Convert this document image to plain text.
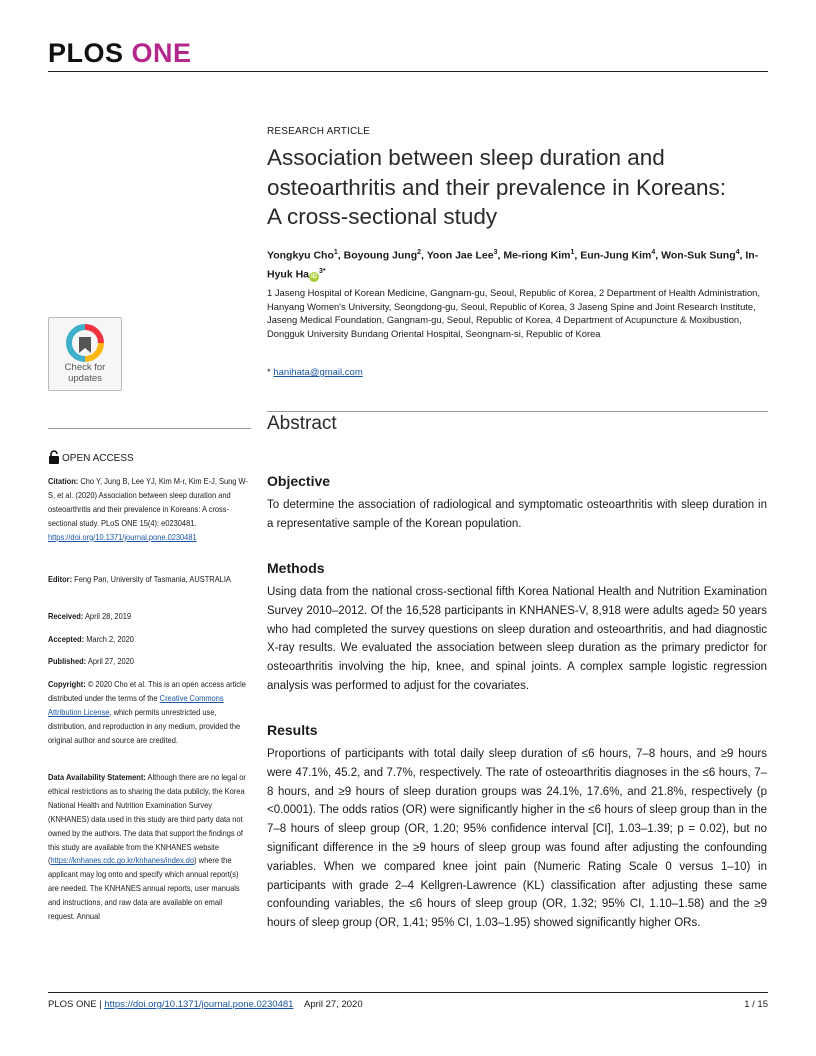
PLOS ONE
RESEARCH ARTICLE
Association between sleep duration and osteoarthritis and their prevalence in Koreans: A cross-sectional study
Yongkyu Cho$^1$, Boyoung Jung$^2$, Yoon Jae Lee$^3$, Me-riong Kim$^1$, Eun-Jung Kim$^4$, Won-Suk Sung$^4$, In-Hyuk Ha $iD^{3*}$
1 Jaseng Hospital of Korean Medicine, Gangnam-gu, Seoul, Republic of Korea, 2 Department of Health Administration, Hanyang Women's University, Seongdong-gu, Seoul, Republic of Korea, 3 Jaseng Spine and Joint Research Institute, Jaseng Medical Foundation, Gangnam-gu, Seoul, Republic of Korea, 4 Department of Acupuncture & Moxibustion, Dongguk University Bundang Oriental Hospital, Seongnam-si, Republic of Korea
* hanihata@gmail.com
Check for
updates
OPEN ACCESS
Citation: Cho Y, Jung B, Lee YJ, Kim M-r, Kim E-J, Sung W-S, et al. (2020) Association between sleep duration and osteoarthritis and their prevalence in Koreans: A cross-sectional study. PLoS ONE 15(4): e0230481. https://doi.org/10.1371/journal.pone.0230481
Editor: Feng Pan, University of Tasmania, AUSTRALIA
Received: April 28, 2019
Accepted: March 2, 2020
Published: April 27, 2020
Copyright: © 2020 Cho et al. This is an open access article distributed under the terms of the Creative Commons Attribution License, which permits unrestricted use, distribution, and reproduction in any medium, provided the original author and source are credited.
Data Availability Statement: Although there are no legal or ethical restrictions as to sharing the data publicly, the Korea National Health and Nutrition Examination Survey (KNHANES) data used in this study are third party data not owned by the authors. The data that support the findings of this study are available from the KNHANES website (https://knhanes.cdc.go.kr/knhanes/index.do) where the applicant may log onto and specify which annual report(s) are needed. The KNHANES annual reports, user manuals and instructions, and raw data are available on email request. Annual
Abstract
Objective
To determine the association of radiological and symptomatic osteoarthritis with sleep duration in a representative sample of the Korean population.
Methods
Using data from the national cross-sectional fifth Korea National Health and Nutrition Examination Survey 2010–2012. Of the 16,528 participants in KNHANES-V, 8,918 were adults aged≥ 50 years who had completed the survey questions on sleep duration and osteoarthritis, and had diagnostic X-ray results. We evaluated the association between sleep duration as the primary predictor for osteoarthritis involving the hip, knee, and spinal joints. A complex sample logistic regression analysis was performed to adjust for the covariates.
Results
Proportions of participants with total daily sleep duration of ≤6 hours, 7–8 hours, and ≥9 hours were 47.1%, 45.2, and 7.7%, respectively. The rate of osteoarthritis diagnoses in the ≤6 hours, 7–8 hours, and ≥9 hours of sleep duration groups was 24.1%, 17.6%, and 21.8%, respectively (p <0.0001). The odds ratios (OR) were significantly higher in the ≤6 hours of sleep group than in the 7–8 hours of sleep group (OR, 1.20; 95% confidence interval [CI], 1.03–1.39; p = 0.02), but no significant difference in the ≥9 hours of sleep group was found after adjusting the confounding variables. When we compared knee joint pain (Numeric Rating Scale 0 versus 1–10) in participants with grade 2–4 Kellgren-Lawrence (KL) classification after adjusting these same confounding variables, the ≤6 hours of sleep group (OR, 1.32; 95% CI, 1.10–1.58) and the ≥9 hours of sleep group (OR, 1.41; 95% CI, 1.03–1.95) showed significantly higher ORs.
PLOS ONE | https://doi.org/10.1371/journal.pone.0230481 April 27, 2020	1 / 15
